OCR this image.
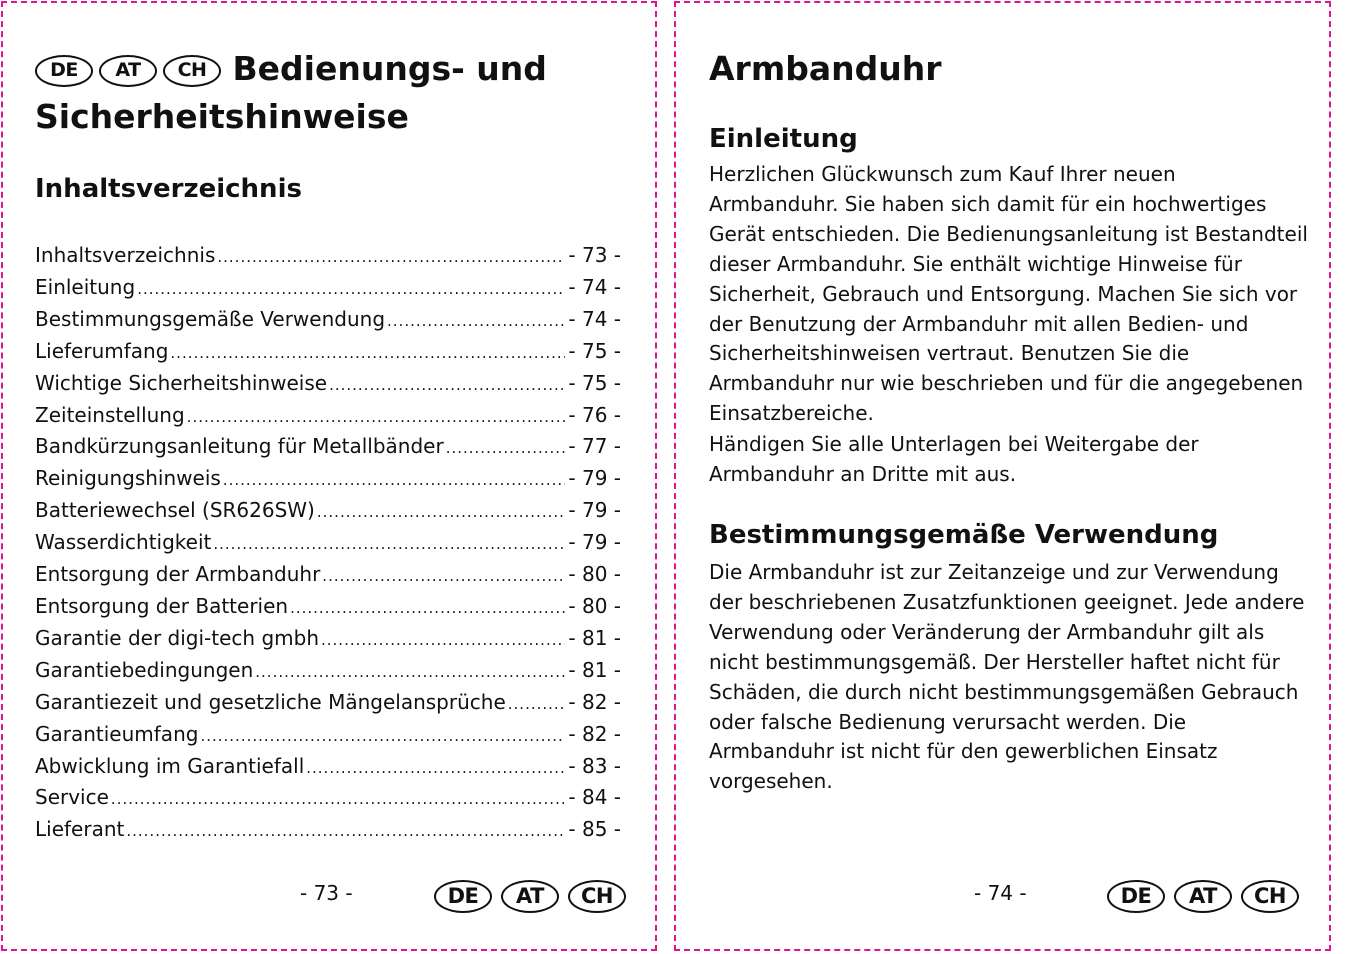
DE	AT	CH Bedienungs- und
Sicherheitshinweise
Inhaltsverzeichnis
Inhaltsverzeichnis .....	- 73 -
Einleitung .....	- 74 -
Bestimmungsgemäße Verwendung .....	- 74 -
Lieferumfang .....	- 75 -
Wichtige Sicherheitshinweise .....	- 75 -
Zeiteinstellung .....	- 76 -
Bandkürzungsanleitung für Metallbänder .....	- 77 -
Reinigungshinweis .....	- 79 -
Batteriewechsel (SR626SW) .....	- 79 -
Wasserdichtigkeit .....	- 79 -
Entsorgung der Armbanduhr .....	- 80 -
Entsorgung der Batterien .....	- 80 -
Garantie der digi-tech gmbh .....	- 81 -
Garantiebedingungen .....	- 81 -
Garantiezeit und gesetzliche Mängelansprüche .....	- 82 -
Garantieumfang .....	- 82 -
Abwicklung im Garantiefall .....	- 83 -
Service .....	- 84 -
Lieferant .....	- 85 -
- 73 -	DE	AT	CH
Armbanduhr
Einleitung

Herzlichen Glückwunsch zum Kauf Ihrer neuen Armbanduhr. Sie haben sich damit für ein hochwertiges Gerät entschieden. Die Bedienungsanleitung ist Bestandteil dieser Armbanduhr. Sie enthält wichtige Hinweise für Sicherheit, Gebrauch und Entsorgung. Machen Sie sich vor der Benutzung der Armbanduhr mit allen Bedien- und Sicherheitshinweisen vertraut. Benutzen Sie die Armbanduhr nur wie beschrieben und für die angegebenen Einsatzbereiche.

Händigen Sie alle Unterlagen bei Weitergabe der Armbanduhr an Dritte mit aus.

Bestimmungsgemäße Verwendung

Die Armbanduhr ist zur Zeitanzeige und zur Verwendung der beschriebenen Zusatzfunktionen geeignet. Jede andere Verwendung oder Veränderung der Armbanduhr gilt als nicht bestimmungsgemäß. Der Hersteller haftet nicht für Schäden, die durch nicht bestimmungsgemäßen Gebrauch oder falsche Bedienung verursacht werden. Die Armbanduhr ist nicht für den gewerblichen Einsatz vorgesehen.

- 74 -	DE	AT	CH
